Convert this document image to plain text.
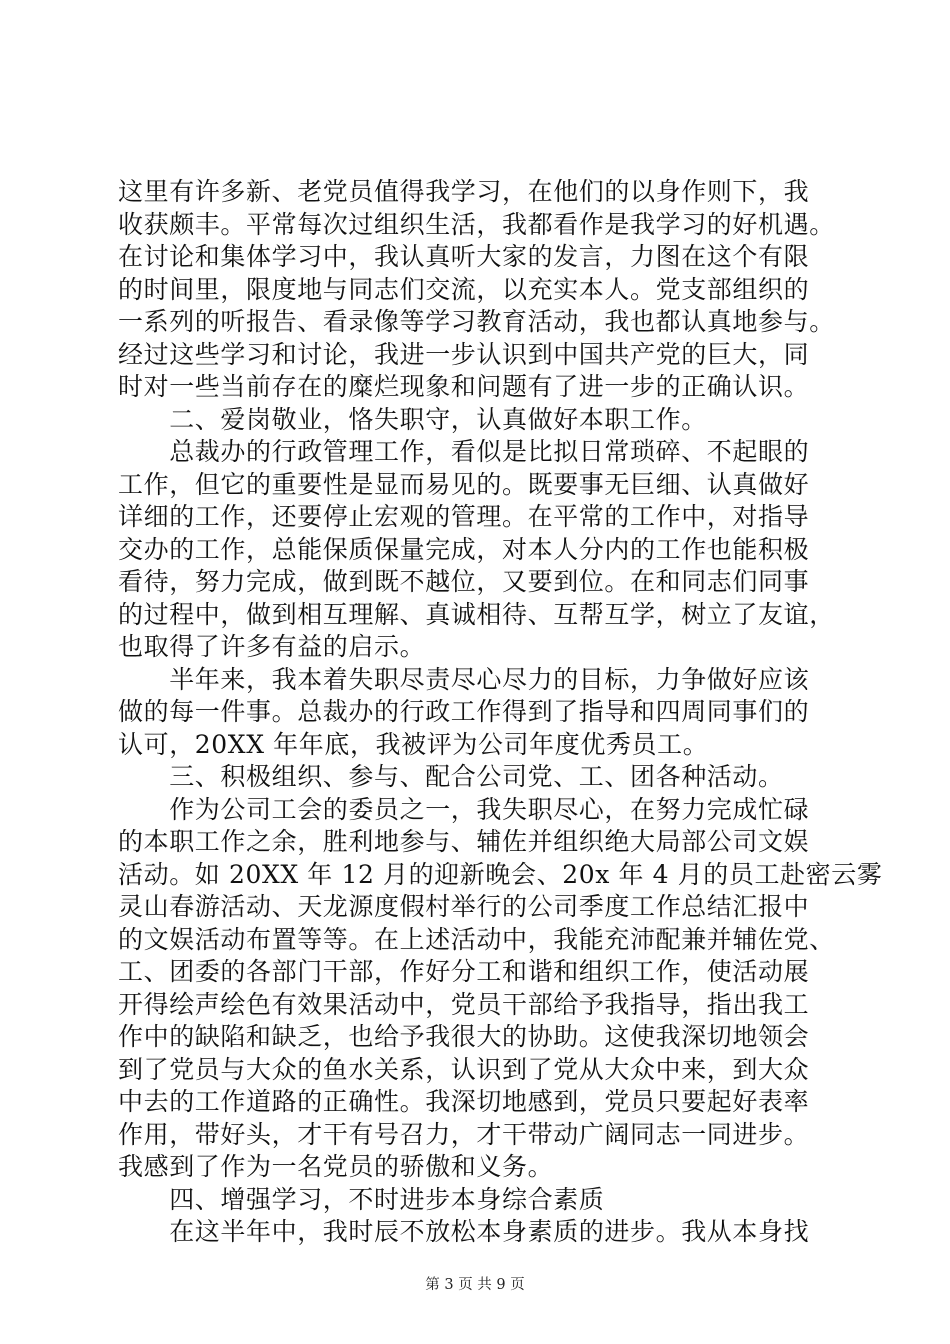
这里有许多新、老党员值得我学习，在他们的以身作则下，我
收获颇丰。平常每次过组织生活，我都看作是我学习的好机遇。
在讨论和集体学习中，我认真听大家的发言，力图在这个有限
的时间里，限度地与同志们交流，以充实本人。党支部组织的
一系列的听报告、看录像等学习教育活动，我也都认真地参与。
经过这些学习和讨论，我进一步认识到中国共产党的巨大，同
时对一些当前存在的糜烂现象和问题有了进一步的正确认识。
　　二、爱岗敬业，恪失职守，认真做好本职工作。
　　总裁办的行政管理工作，看似是比拟日常琐碎、不起眼的
工作，但它的重要性是显而易见的。既要事无巨细、认真做好
详细的工作，还要停止宏观的管理。在平常的工作中，对指导
交办的工作，总能保质保量完成，对本人分内的工作也能积极
看待，努力完成，做到既不越位，又要到位。在和同志们同事
的过程中，做到相互理解、真诚相待、互帮互学，树立了友谊，
也取得了许多有益的启示。
　　半年来，我本着失职尽责尽心尽力的目标，力争做好应该
做的每一件事。总裁办的行政工作得到了指导和四周同事们的
认可，20XX 年年底，我被评为公司年度优秀员工。
　　三、积极组织、参与、配合公司党、工、团各种活动。
　　作为公司工会的委员之一，我失职尽心，在努力完成忙碌
的本职工作之余，胜利地参与、辅佐并组织绝大局部公司文娱
活动。如 20XX 年 12 月的迎新晚会、20x 年 4 月的员工赴密云雾
灵山春游活动、天龙源度假村举行的公司季度工作总结汇报中
的文娱活动布置等等。在上述活动中，我能充沛配兼并辅佐党、
工、团委的各部门干部，作好分工和谐和组织工作，使活动展
开得绘声绘色有效果活动中，党员干部给予我指导，指出我工
作中的缺陷和缺乏，也给予我很大的协助。这使我深切地领会
到了党员与大众的鱼水关系，认识到了党从大众中来，到大众
中去的工作道路的正确性。我深切地感到，党员只要起好表率
作用，带好头，才干有号召力，才干带动广阔同志一同进步。
我感到了作为一名党员的骄傲和义务。
　　四、增强学习，不时进步本身综合素质
　　在这半年中，我时辰不放松本身素质的进步。我从本身找
第 3 页 共 9 页
